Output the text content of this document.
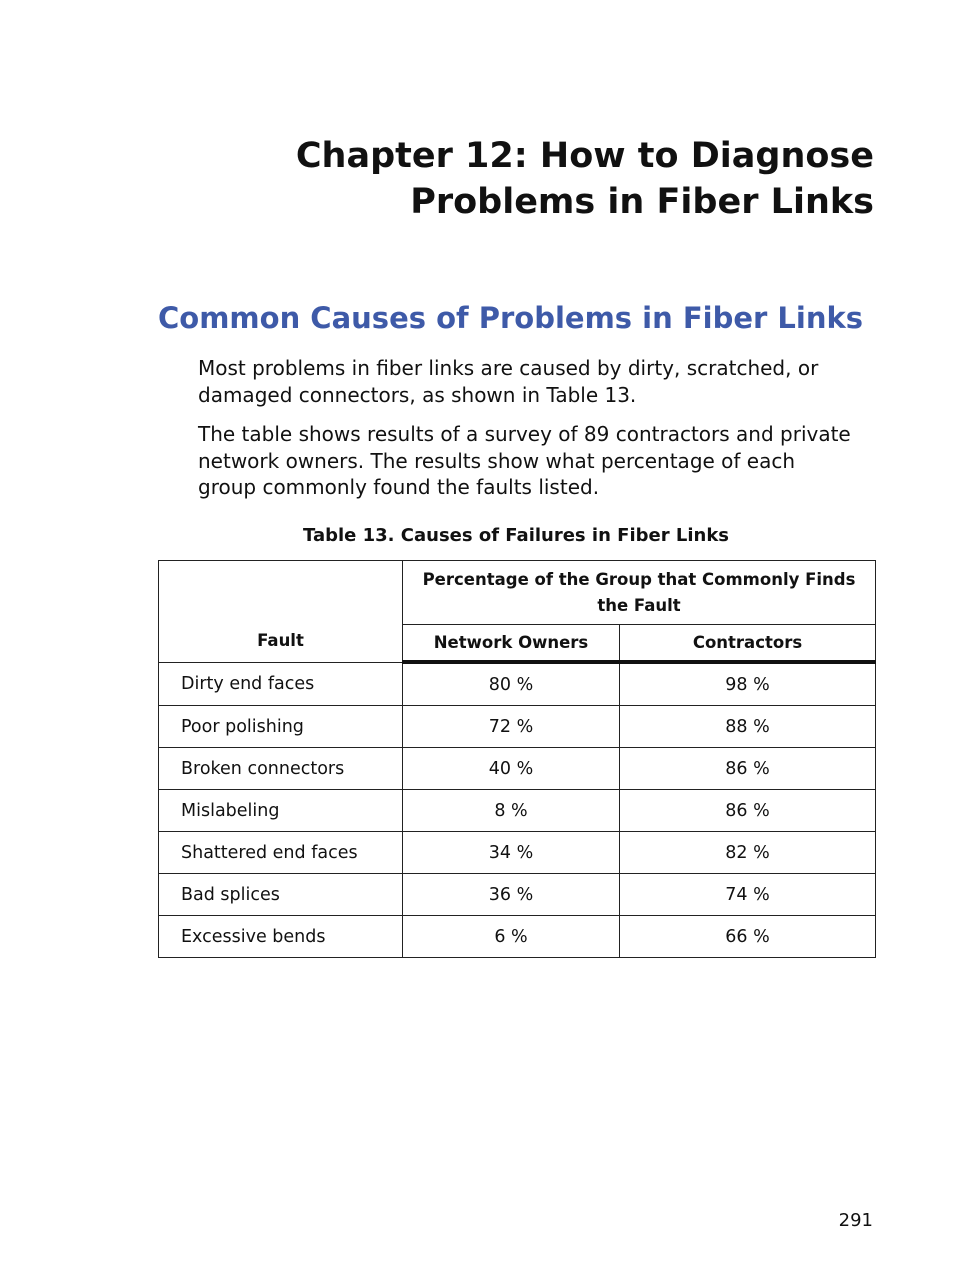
Chapter 12: How to Diagnose
Problems in Fiber Links
Common Causes of Problems in Fiber Links

Most problems in fiber links are caused by dirty, scratched, or
damaged connectors, as shown in Table 13.

The table shows results of a survey of 89 contractors and private
network owners. The results show what percentage of each
group commonly found the faults listed.

Table 13. Causes of Failures in Fiber Links

Fault	Percentage of the Group that Commonly Finds
the Fault	

	Network Owners	Contractors
Dirty end faces	80 %	98 %
Poor polishing	72 %	88 %
Broken connectors	40 %	86 %
Mislabeling	8 %	86 %
Shattered end faces	34 %	82 %
Bad splices	36 %	74 %
Excessive bends	6 %	66 %

291
